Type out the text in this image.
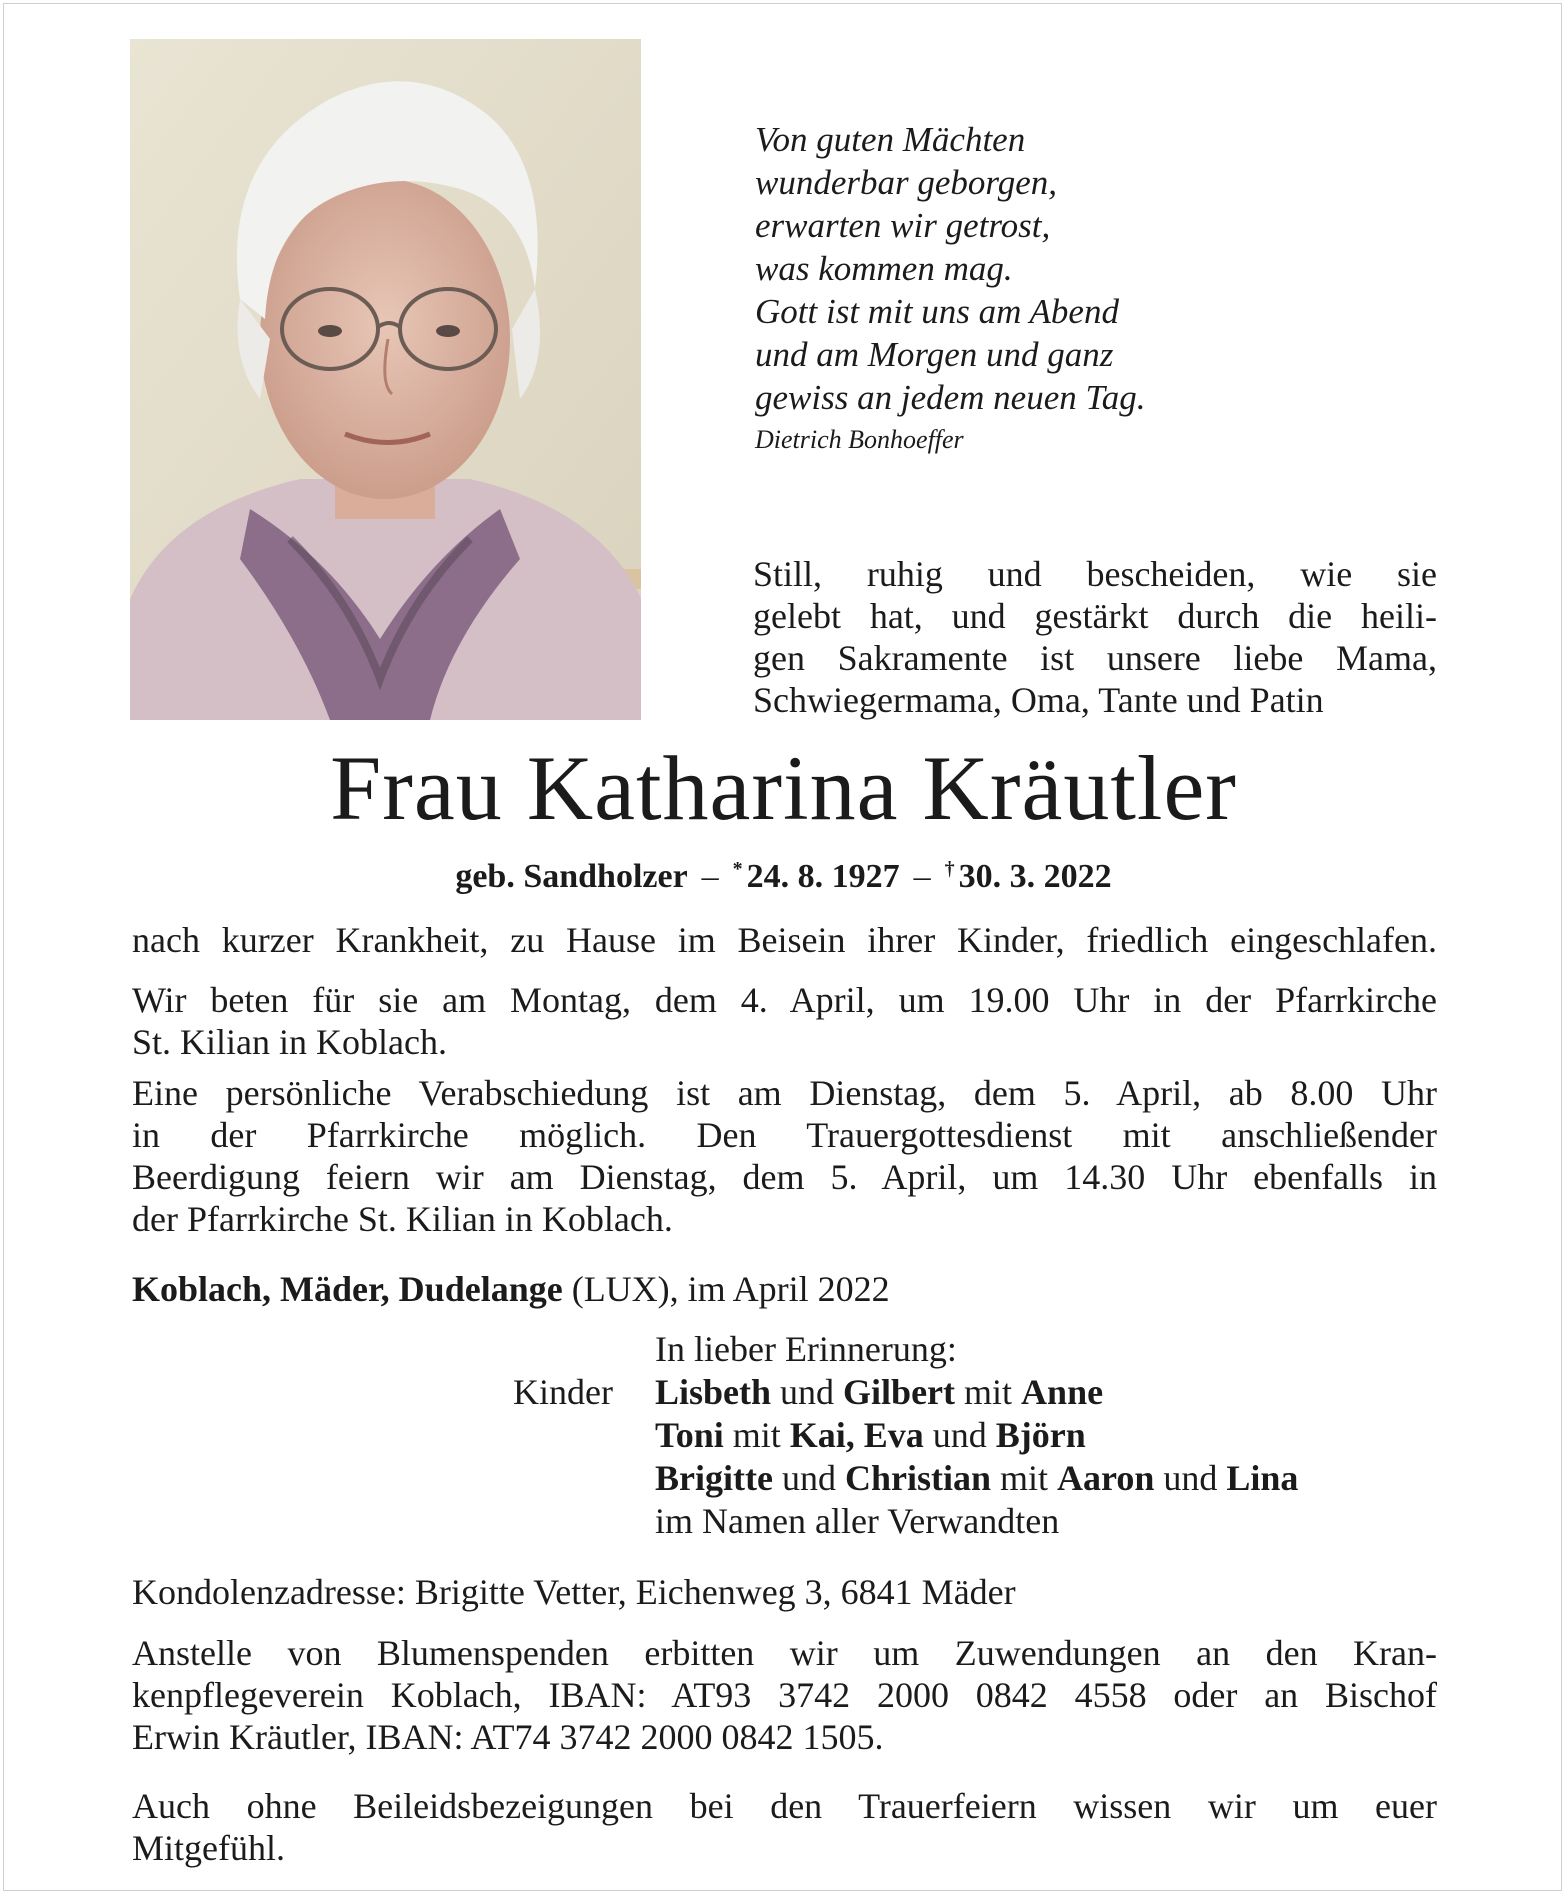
Von guten Mächten
wunderbar geborgen,
erwarten wir getrost,
was kommen mag.
Gott ist mit uns am Abend
und am Morgen und ganz
gewiss an jedem neuen Tag.
Dietrich Bonhoeffer
Still, ruhig und bescheiden, wie sie
gelebt hat, und gestärkt durch die heili-
gen Sakramente ist unsere liebe Mama,
Schwiegermama, Oma, Tante und Patin
Frau Katharina Kräutler
geb. Sandholzer – * 24. 8. 1927 – † 30. 3. 2022
nach kurzer Krankheit, zu Hause im Beisein ihrer Kinder, friedlich eingeschlafen.
Wir beten für sie am Montag, dem 4. April, um 19.00 Uhr in der Pfarrkirche
St. Kilian in Koblach.
Eine persönliche Verabschiedung ist am Dienstag, dem 5. April, ab 8.00 Uhr
in der Pfarrkirche möglich. Den Trauergottesdienst mit anschließender
Beerdigung feiern wir am Dienstag, dem 5. April, um 14.30 Uhr ebenfalls in
der Pfarrkirche St. Kilian in Koblach.
Koblach, Mäder, Dudelange (LUX), im April 2022
Kinder
In lieber Erinnerung:
Lisbeth und Gilbert mit Anne
Toni mit Kai, Eva und Björn
Brigitte und Christian mit Aaron und Lina
im Namen aller Verwandten
Kondolenzadresse: Brigitte Vetter, Eichenweg 3, 6841 Mäder
Anstelle von Blumenspenden erbitten wir um Zuwendungen an den Kran-
kenpflegeverein Koblach, IBAN: AT93 3742 2000 0842 4558 oder an Bischof
Erwin Kräutler, IBAN: AT74 3742 2000 0842 1505.
Auch ohne Beileidsbezeigungen bei den Trauerfeiern wissen wir um euer
Mitgefühl.
